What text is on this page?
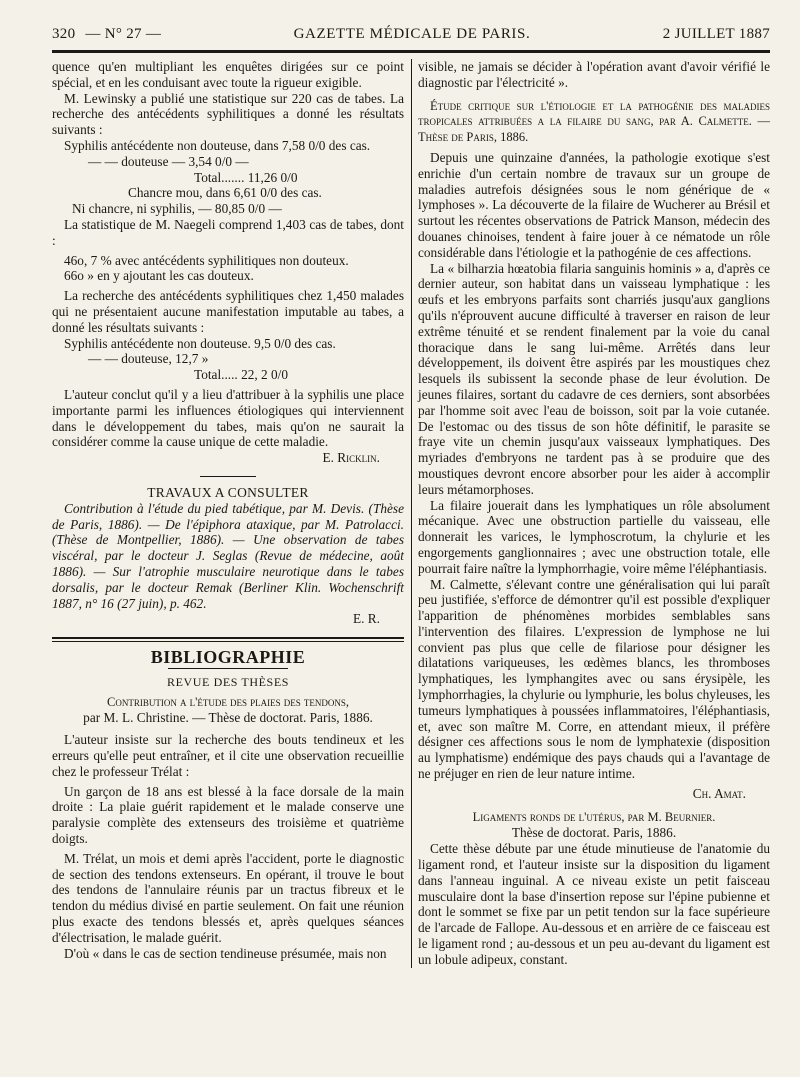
320 — N° 27 —	GAZETTE MÉDICALE DE PARIS.	2 JUILLET 1887

quence qu'en multipliant les enquêtes dirigées sur ce point spécial, et en les conduisant avec toute la rigueur exigible.

M. Lewinsky a publié une statistique sur 220 cas de tabes. La recherche des antécédents syphilitiques a donné les résultats suivants :

Syphilis antécédente non douteuse, dans 7,58 0/0 des cas.
— — douteuse — 3,54 0/0 —
Total....... 11,26 0/0
Chancre mou, dans 6,61 0/0 des cas.
Ni chancre, ni syphilis, — 80,85 0/0 —

La statistique de M. Naegeli comprend 1,403 cas de tabes, dont :

46o, 7 % avec antécédents syphilitiques non douteux.
66o » en y ajoutant les cas douteux.

La recherche des antécédents syphilitiques chez 1,450 malades qui ne présentaient aucune manifestation imputable au tabes, a donné les résultats suivants :

Syphilis antécédente non douteuse. 9,5 0/0 des cas.
— — douteuse, 12,7 »
Total..... 22, 2 0/0

L'auteur conclut qu'il y a lieu d'attribuer à la syphilis une place importante parmi les influences étiologiques qui interviennent dans le développement du tabes, mais qu'on ne saurait la considérer comme la cause unique de cette maladie.

E. Ricklin.
TRAVAUX A CONSULTER

Contribution à l'étude du pied tabétique, par M. Devis. (Thèse de Paris, 1886). — De l'épiphora ataxique, par M. Patrolacci. (Thèse de Montpellier, 1886). — Une observation de tabes viscéral, par le docteur J. Seglas (Revue de médecine, août 1886). — Sur l'atrophie musculaire neurotique dans le tabes dorsalis, par le docteur Remak (Berliner Klin. Wochenschrift 1887, n° 16 (27 juin), p. 462.

E. R.
BIBLIOGRAPHIE
REVUE DES THÈSES
Contribution a l'étude des plaies des tendons,
par M. L. Christine. — Thèse de doctorat. Paris, 1886.

L'auteur insiste sur la recherche des bouts tendineux et les erreurs qu'elle peut entraîner, et il cite une observation recueillie chez le professeur Trélat :

Un garçon de 18 ans est blessé à la face dorsale de la main droite : La plaie guérit rapidement et le malade conserve une paralysie complète des extenseurs des troisième et quatrième doigts.

M. Trélat, un mois et demi après l'accident, porte le diagnostic de section des tendons extenseurs. En opérant, il trouve le bout des tendons de l'annulaire réunis par un tractus fibreux et le tendon du médius divisé en partie seulement. On fait une réunion plus exacte des tendons blessés et, après quelques séances d'électrisation, le malade guérit.

D'où « dans le cas de section tendineuse présumée, mais non

visible, ne jamais se décider à l'opération avant d'avoir vérifié le diagnostic par l'électricité ».

Étude critique sur l'étiologie et la pathogénie des maladies tropicales attribuées a la filaire du sang, par A. Calmette. — Thèse de Paris, 1886.

Depuis une quinzaine d'années, la pathologie exotique s'est enrichie d'un certain nombre de travaux sur un groupe de maladies autrefois désignées sous le nom générique de « lymphoses ». La découverte de la filaire de Wucherer au Brésil et surtout les récentes observations de Patrick Manson, médecin des douanes chinoises, tendent à faire jouer à ce nématode un rôle considérable dans l'étiologie et la pathogénie de ces affections.

La « bilharzia hœatobia filaria sanguinis hominis » a, d'après ce dernier auteur, son habitat dans un vaisseau lymphatique : les œufs et les embryons parfaits sont charriés jusqu'aux ganglions qu'ils n'éprouvent aucune difficulté à traverser en raison de leur extrême ténuité et se rendent finalement par la voie du canal thoracique dans le sang lui-même. Arrêtés dans leur développement, ils doivent être aspirés par les moustiques chez lesquels ils subissent la seconde phase de leur évolution. De jeunes filaires, sortant du cadavre de ces derniers, sont absorbées par l'homme soit avec l'eau de boisson, soit par la voie cutanée. De l'estomac ou des tissus de son hôte définitif, le parasite se fraye vite un chemin jusqu'aux vaisseaux lymphatiques. Des myriades d'embryons ne tardent pas à se produire que des moustiques devront encore absorber pour les aider à accomplir leurs métamorphoses.

La filaire jouerait dans les lymphatiques un rôle absolument mécanique. Avec une obstruction partielle du vaisseau, elle donnerait les varices, le lymphoscrotum, la chylurie et les engorgements ganglionnaires ; avec une obstruction totale, elle pourrait faire naître la lymphorrhagie, voire même l'éléphantiasis.

M. Calmette, s'élevant contre une généralisation qui lui paraît peu justifiée, s'efforce de démontrer qu'il est possible d'expliquer l'apparition de phénomènes morbides semblables sans l'intervention des filaires. L'expression de lymphose ne lui convient pas plus que celle de filariose pour désigner les dilatations variqueuses, les œdèmes blancs, les thromboses lymphatiques, les lymphangites avec ou sans érysipèle, les lymphorrhagies, la chylurie ou lymphurie, les bolus chyleuses, les tumeurs lymphatiques à poussées inflammatoires, l'éléphantiasis, et, avec son maître M. Corre, en attendant mieux, il préfère désigner ces affections sous le nom de lymphatexie (disposition au lymphatisme) endémique des pays chauds qui a l'avantage de ne préjuger en rien de leur nature intime.

Ch. Amat.
Ligaments ronds de l'utérus, par M. Beurnier.
Thèse de doctorat. Paris, 1886.

Cette thèse débute par une étude minutieuse de l'anatomie du ligament rond, et l'auteur insiste sur la disposition du ligament dans l'anneau inguinal. A ce niveau existe un petit faisceau musculaire dont la base d'insertion repose sur l'épine pubienne et dont le sommet se fixe par un petit tendon sur la face supérieure de l'arcade de Fallope. Au-dessous et en arrière de ce faisceau est le ligament rond ; au-dessous et un peu au-devant du ligament est un lobule adipeux, constant.
